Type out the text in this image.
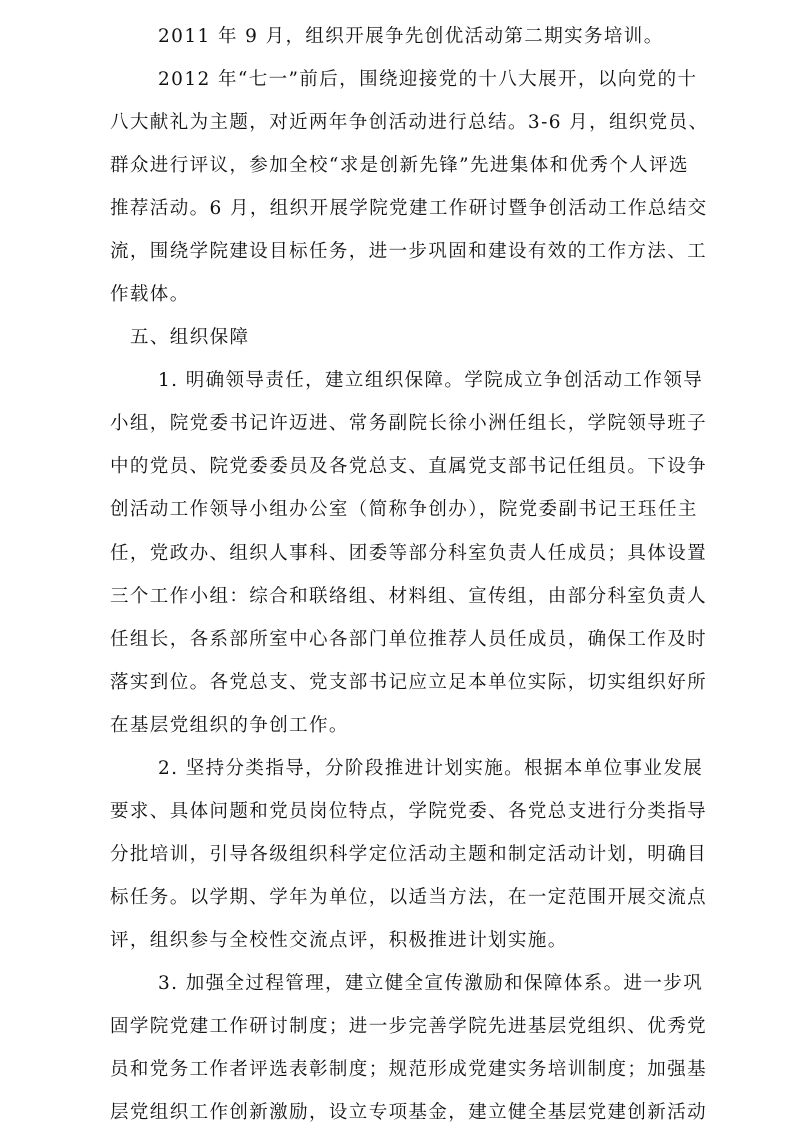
2011 年 9 月，组织开展争先创优活动第二期实务培训。
2012 年“七一”前后，围绕迎接党的十八大展开，以向党的十
八大献礼为主题，对近两年争创活动进行总结。3-6 月，组织党员、
群众进行评议，参加全校“求是创新先锋”先进集体和优秀个人评选
推荐活动。6 月，组织开展学院党建工作研讨暨争创活动工作总结交
流，围绕学院建设目标任务，进一步巩固和建设有效的工作方法、工
作载体。
五、组织保障
1. 明确领导责任，建立组织保障。学院成立争创活动工作领导
小组，院党委书记许迈进、常务副院长徐小洲任组长，学院领导班子
中的党员、院党委委员及各党总支、直属党支部书记任组员。下设争
创活动工作领导小组办公室（简称争创办），院党委副书记王珏任主
任，党政办、组织人事科、团委等部分科室负责人任成员；具体设置
三个工作小组：综合和联络组、材料组、宣传组，由部分科室负责人
任组长，各系部所室中心各部门单位推荐人员任成员，确保工作及时
落实到位。各党总支、党支部书记应立足本单位实际，切实组织好所
在基层党组织的争创工作。
2. 坚持分类指导，分阶段推进计划实施。根据本单位事业发展
要求、具体问题和党员岗位特点，学院党委、各党总支进行分类指导
分批培训，引导各级组织科学定位活动主题和制定活动计划，明确目
标任务。以学期、学年为单位，以适当方法，在一定范围开展交流点
评，组织参与全校性交流点评，积极推进计划实施。
3. 加强全过程管理，建立健全宣传激励和保障体系。进一步巩
固学院党建工作研讨制度；进一步完善学院先进基层党组织、优秀党
员和党务工作者评选表彰制度；规范形成党建实务培训制度；加强基
层党组织工作创新激励，设立专项基金，建立健全基层党建创新活动
